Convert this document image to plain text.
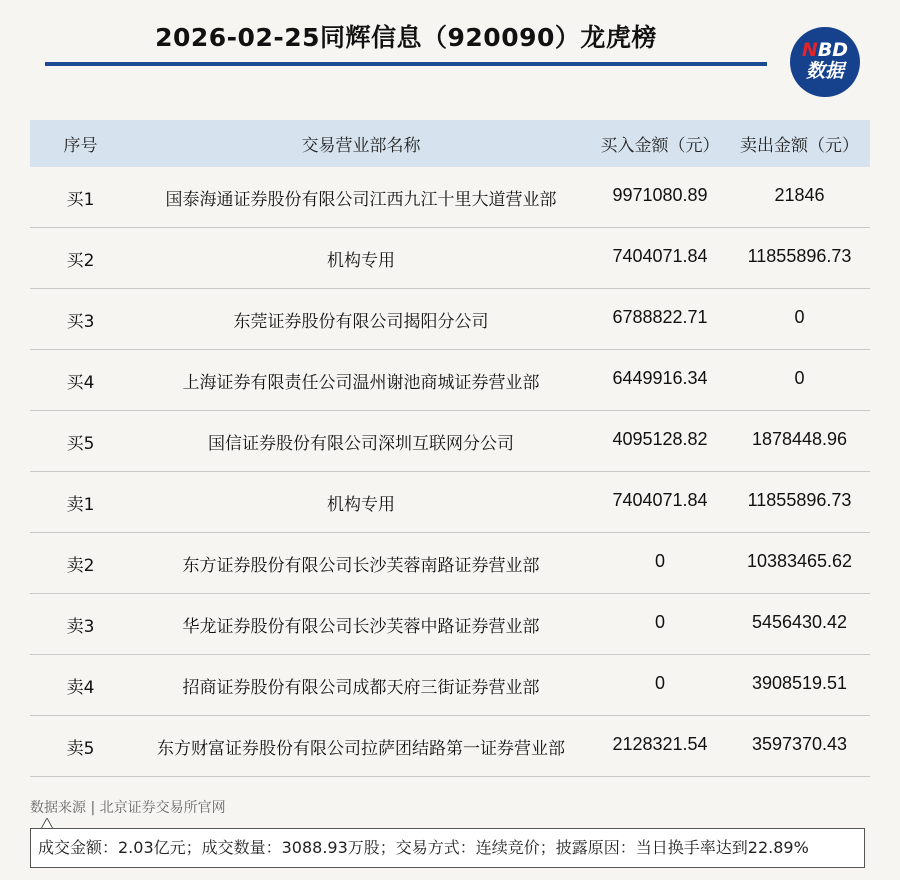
2026-02-25同辉信息（920090）龙虎榜	NBD
数据
序号	交易营业部名称	买入金额（元）	卖出金额（元）
买1	国泰海通证券股份有限公司江西九江十里大道营业部	9971080.89	21846
买2	机构专用	7404071.84	11855896.73
买3	东莞证券股份有限公司揭阳分公司	6788822.71	0
买4	上海证券有限责任公司温州谢池商城证券营业部	6449916.34	0
买5	国信证券股份有限公司深圳互联网分公司	4095128.82	1878448.96
卖1	机构专用	7404071.84	11855896.73
卖2	东方证券股份有限公司长沙芙蓉南路证券营业部	0	10383465.62
卖3	华龙证券股份有限公司长沙芙蓉中路证券营业部	0	5456430.42
卖4	招商证券股份有限公司成都天府三街证券营业部	0	3908519.51
卖5	东方财富证券股份有限公司拉萨团结路第一证券营业部	2128321.54	3597370.43
数据来源 | 北京证券交易所官网
成交金额：2.03亿元；成交数量：3088.93万股；交易方式：连续竞价；披露原因：当日换手率达到22.89%
